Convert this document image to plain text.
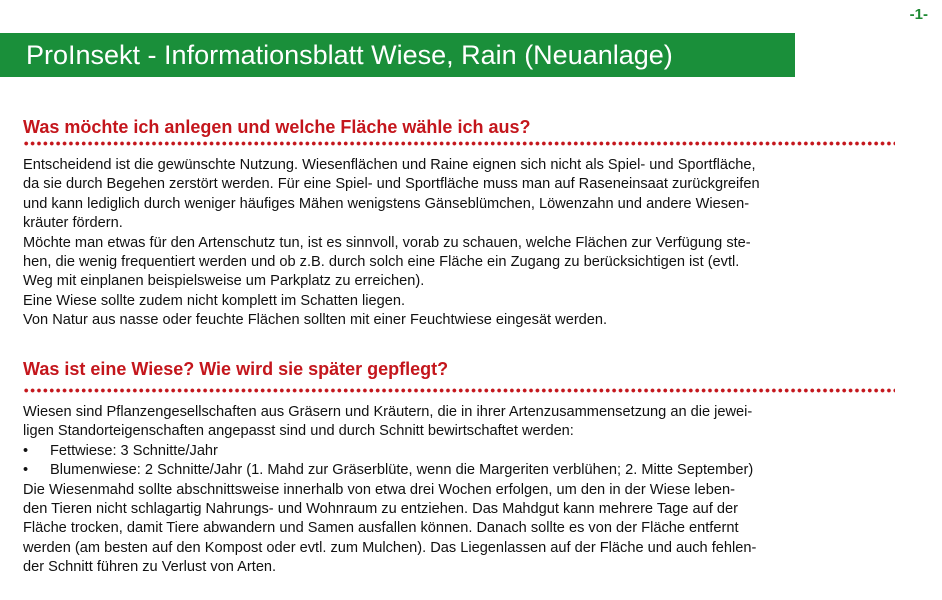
-1-
ProInsekt - Informationsblatt Wiese, Rain (Neuanlage)
Was möchte ich anlegen und welche Fläche wähle ich aus?
Entscheidend ist die gewünschte Nutzung. Wiesenflächen und Raine eignen sich nicht als Spiel- und Sportfläche,
da sie durch Begehen zerstört werden. Für eine Spiel- und Sportfläche muss man auf Raseneinsaat zurückgreifen
und kann lediglich durch weniger häufiges Mähen wenigstens Gänseblümchen, Löwenzahn und andere Wiesen-
kräuter fördern.
Möchte man etwas für den Artenschutz tun, ist es sinnvoll, vorab zu schauen, welche Flächen zur Verfügung ste-
hen, die wenig frequentiert werden und ob z.B. durch solch eine Fläche ein Zugang zu berücksichtigen ist (evtl.
Weg mit einplanen beispielsweise um Parkplatz zu erreichen).
Eine Wiese sollte zudem nicht komplett im Schatten liegen.
Von Natur aus nasse oder feuchte Flächen sollten mit einer Feuchtwiese eingesät werden.
Was ist eine Wiese? Wie wird sie später gepflegt?
Wiesen sind Pflanzengesellschaften aus Gräsern und Kräutern, die in ihrer Artenzusammensetzung an die jewei-
ligen Standorteigenschaften angepasst sind und durch Schnitt bewirtschaftet werden:
• Fettwiese: 3 Schnitte/Jahr
• Blumenwiese: 2 Schnitte/Jahr (1. Mahd zur Gräserblüte, wenn die Margeriten verblühen; 2. Mitte September)
Die Wiesenmahd sollte abschnittsweise innerhalb von etwa drei Wochen erfolgen, um den in der Wiese leben-
den Tieren nicht schlagartig Nahrungs- und Wohnraum zu entziehen. Das Mahdgut kann mehrere Tage auf der
Fläche trocken, damit Tiere abwandern und Samen ausfallen können. Danach sollte es von der Fläche entfernt
werden (am besten auf den Kompost oder evtl. zum Mulchen). Das Liegenlassen auf der Fläche und auch fehlen-
der Schnitt führen zu Verlust von Arten.
